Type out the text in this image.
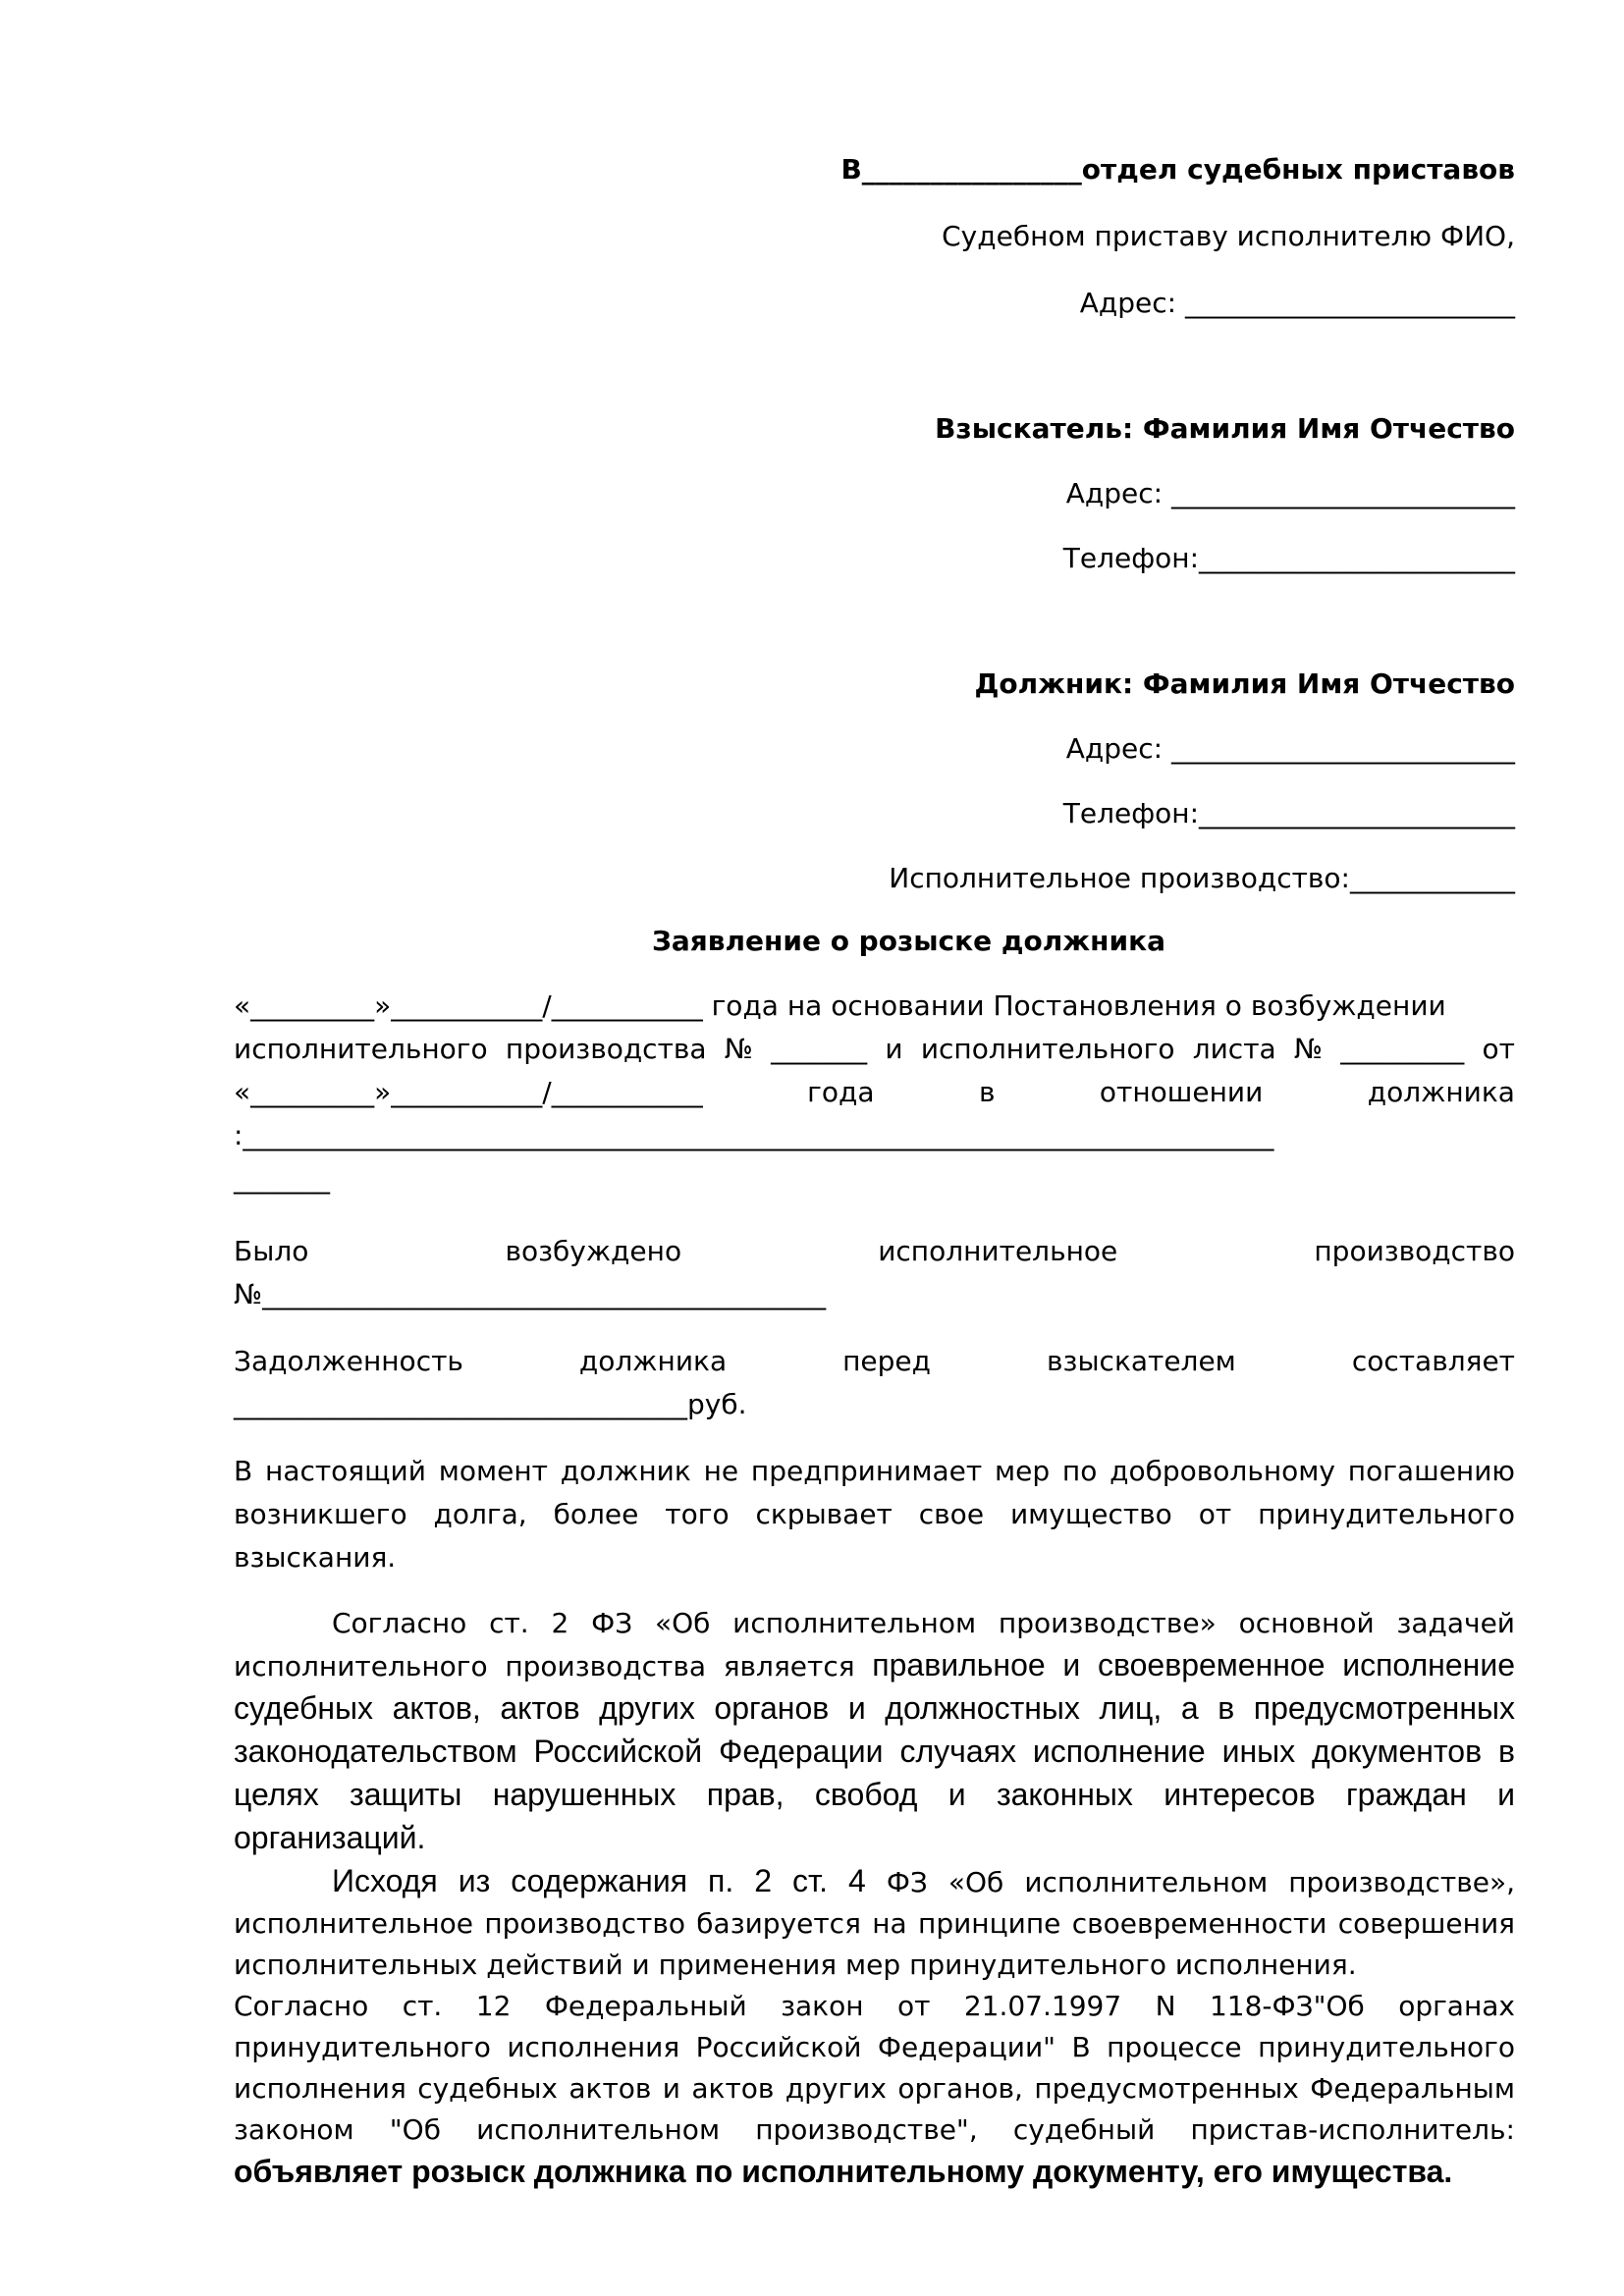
В________________отдел судебных приставов
Судебном приставу исполнителю ФИО,
Адрес: ________________________
Взыскатель: Фамилия Имя Отчество
Адрес: _________________________
Телефон:_______________________
Должник: Фамилия Имя Отчество
Адрес: _________________________
Телефон:_______________________
Исполнительное производство:____________
Заявление о розыске должника
«_________»___________/___________ года на основании Постановления о возбуждении
исполнительного производства № _______ и исполнительного листа № _________ от
«_________»___________/___________	года	в	отношении	должника
:___________________________________________________________________________
_______
Было	возбуждено	исполнительное	производство
№_________________________________________
Задолженность	должника	перед	взыскателем	составляет
_________________________________руб.
В настоящий момент должник не предпринимает мер по добровольному погашению возникшего долга, более того скрывает свое имущество от принудительного взыскания.
Согласно ст. 2 ФЗ «Об исполнительном производстве» основной задачей исполнительного производства является правильное и своевременное исполнение судебных актов, актов других органов и должностных лиц, а в предусмотренных законодательством Российской Федерации случаях исполнение иных документов в целях защиты нарушенных прав, свобод и законных интересов граждан и организаций.
Исходя из содержания п. 2 ст. 4 ФЗ «Об исполнительном производстве», исполнительное производство базируется на принципе своевременности совершения исполнительных действий и применения мер принудительного исполнения.
Согласно ст. 12 Федеральный закон от 21.07.1997 N 118-ФЗ"Об органах принудительного исполнения Российской Федерации" В процессе принудительного исполнения судебных актов и актов других органов, предусмотренных Федеральным законом "Об исполнительном производстве", судебный пристав-исполнитель: объявляет розыск должника по исполнительному документу, его имущества.
